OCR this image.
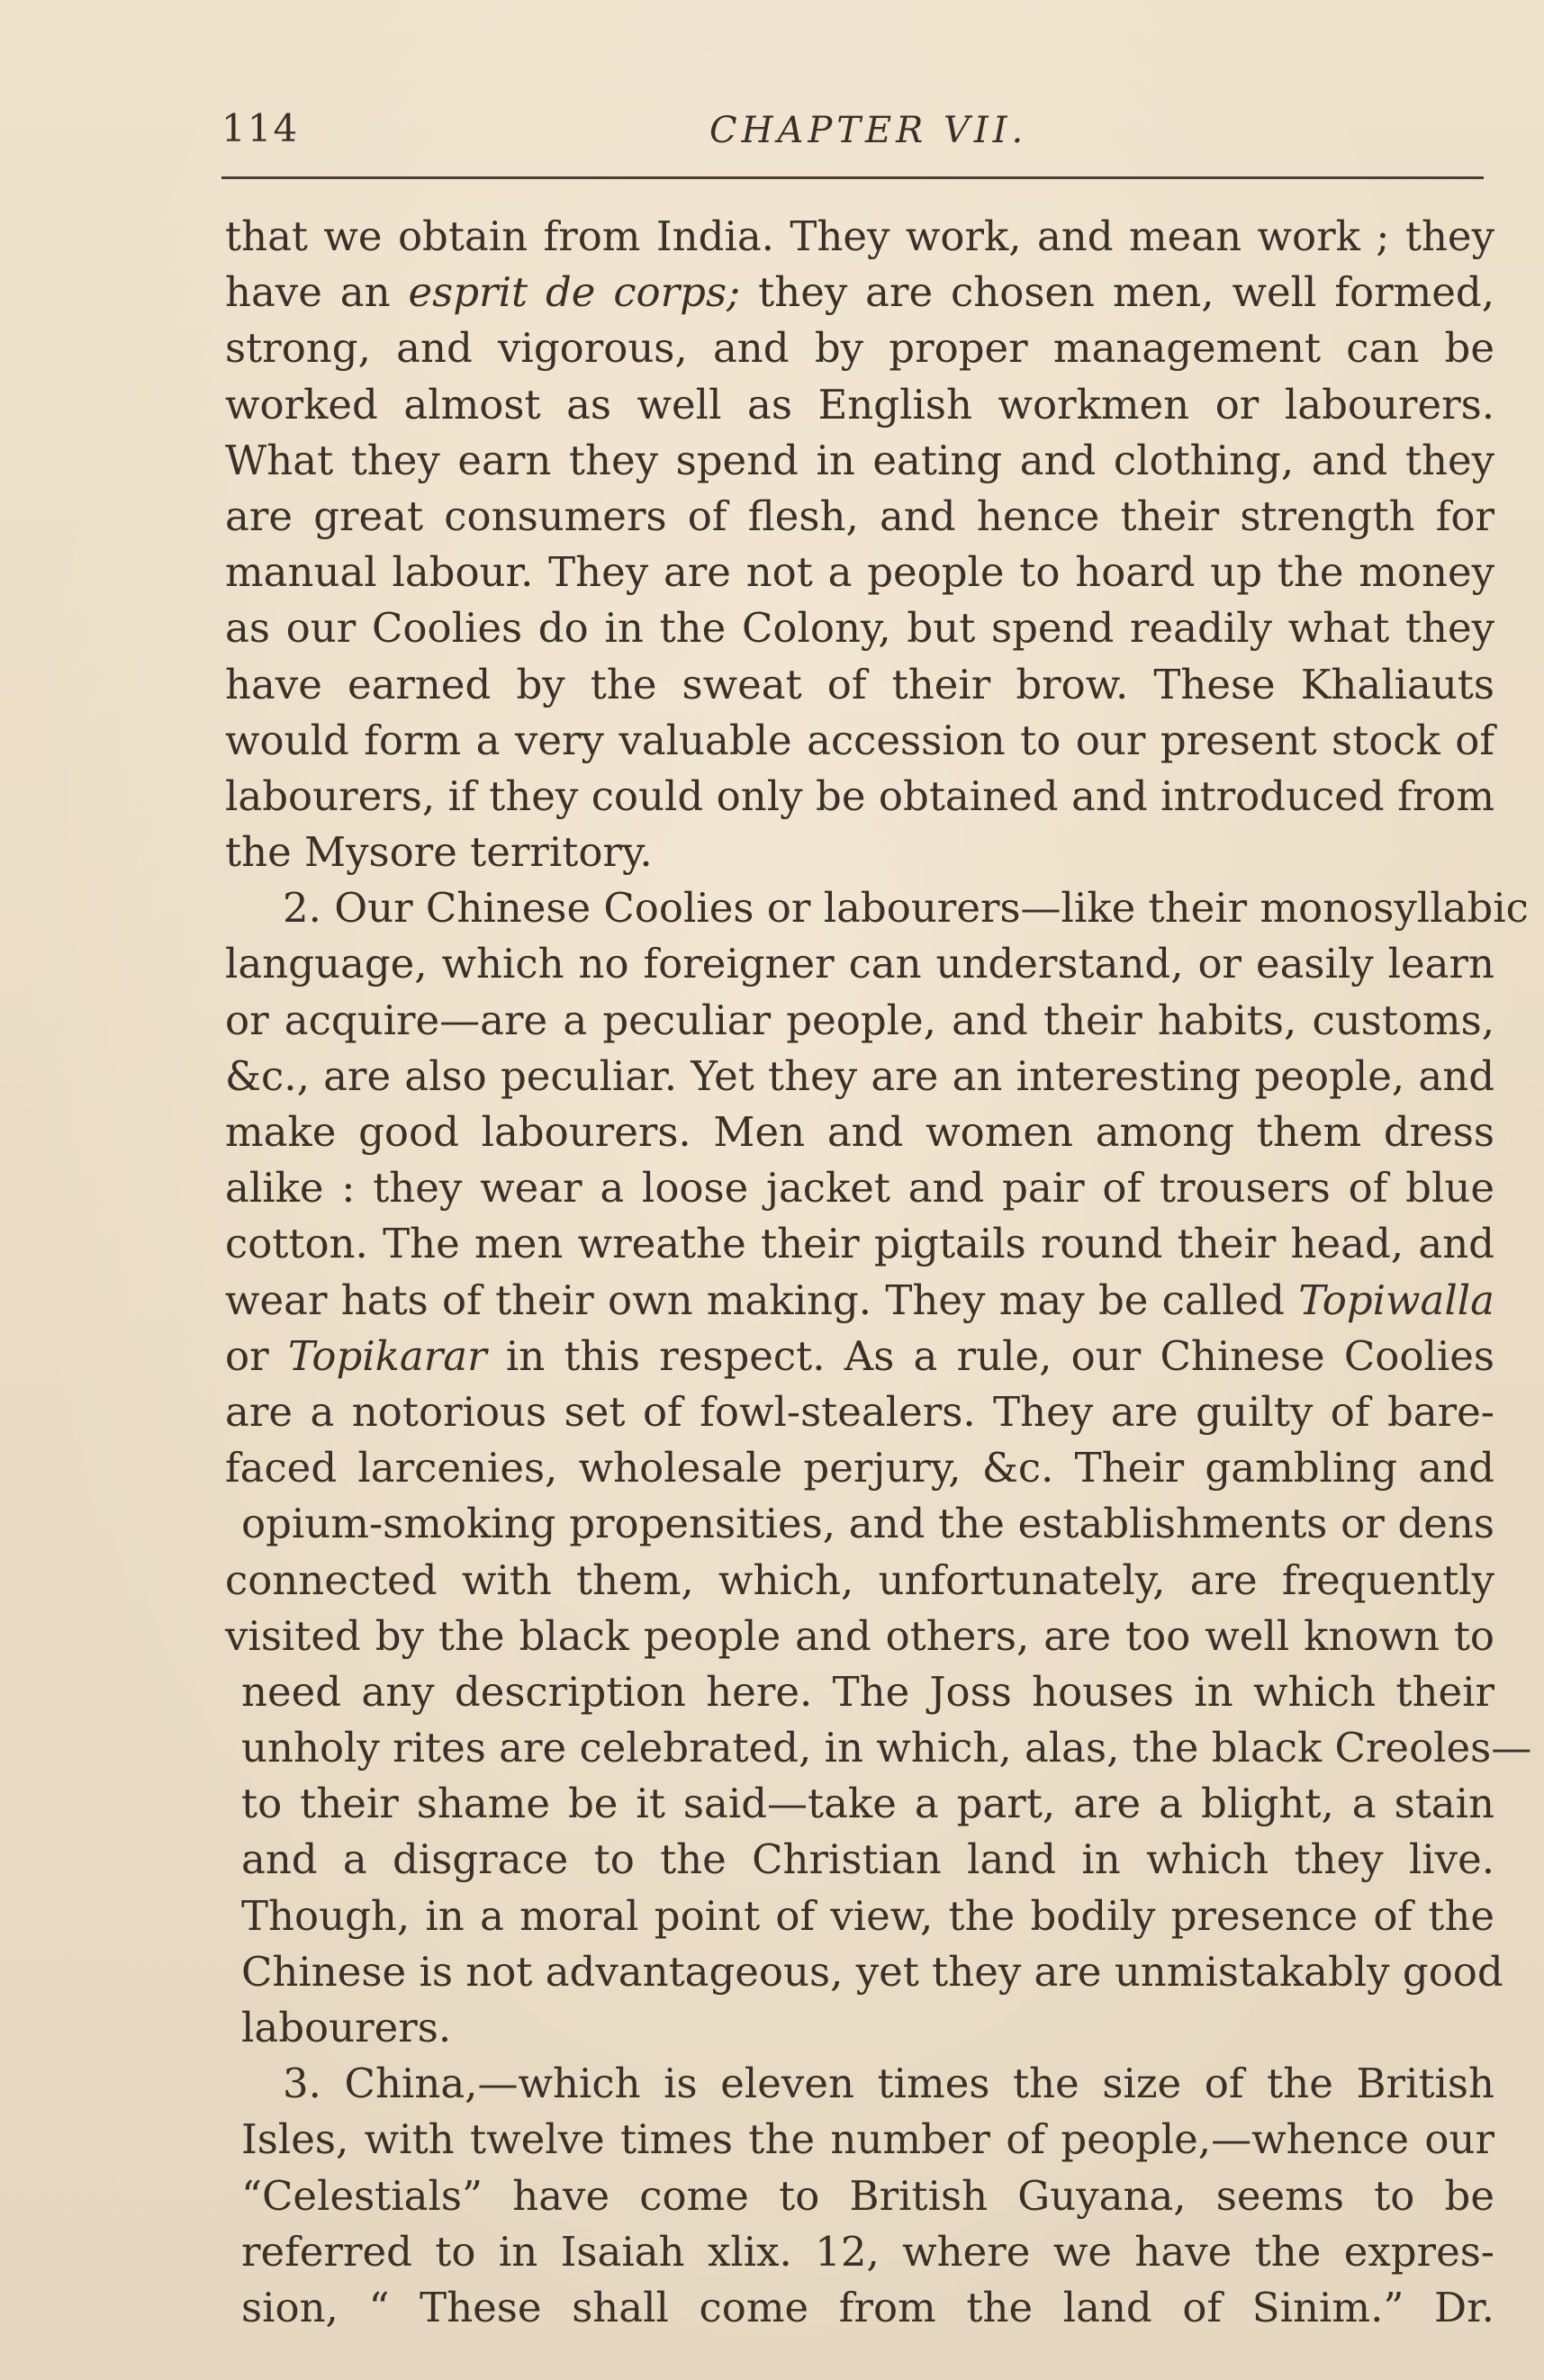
114	CHAPTER VII.
that we obtain from India. They work, and mean work ; they
have an esprit de corps; they are chosen men, well formed,
strong, and vigorous, and by proper management can be
worked almost as well as English workmen or labourers.
What they earn they spend in eating and clothing, and they
are great consumers of flesh, and hence their strength for
manual labour. They are not a people to hoard up the money
as our Coolies do in the Colony, but spend readily what they
have earned by the sweat of their brow. These Khaliauts
would form a very valuable accession to our present stock of
labourers, if they could only be obtained and introduced from
the Mysore territory.
2. Our Chinese Coolies or labourers—like their monosyllabic
language, which no foreigner can understand, or easily learn
or acquire—are a peculiar people, and their habits, customs,
&c., are also peculiar. Yet they are an interesting people, and
make good labourers. Men and women among them dress
alike : they wear a loose jacket and pair of trousers of blue
cotton. The men wreathe their pigtails round their head, and
wear hats of their own making. They may be called Topiwalla
or Topikarar in this respect. As a rule, our Chinese Coolies
are a notorious set of fowl-stealers. They are guilty of bare-
faced larcenies, wholesale perjury, &c. Their gambling and
opium-smoking propensities, and the establishments or dens
connected with them, which, unfortunately, are frequently
visited by the black people and others, are too well known to
need any description here. The Joss houses in which their
unholy rites are celebrated, in which, alas, the black Creoles—
to their shame be it said—take a part, are a blight, a stain
and a disgrace to the Christian land in which they live.
Though, in a moral point of view, the bodily presence of the
Chinese is not advantageous, yet they are unmistakably good
labourers.
3. China,—which is eleven times the size of the British
Isles, with twelve times the number of people,—whence our
“Celestials” have come to British Guyana, seems to be
referred to in Isaiah xlix. 12, where we have the expres-
sion, “ These shall come from the land of Sinim.” Dr.
